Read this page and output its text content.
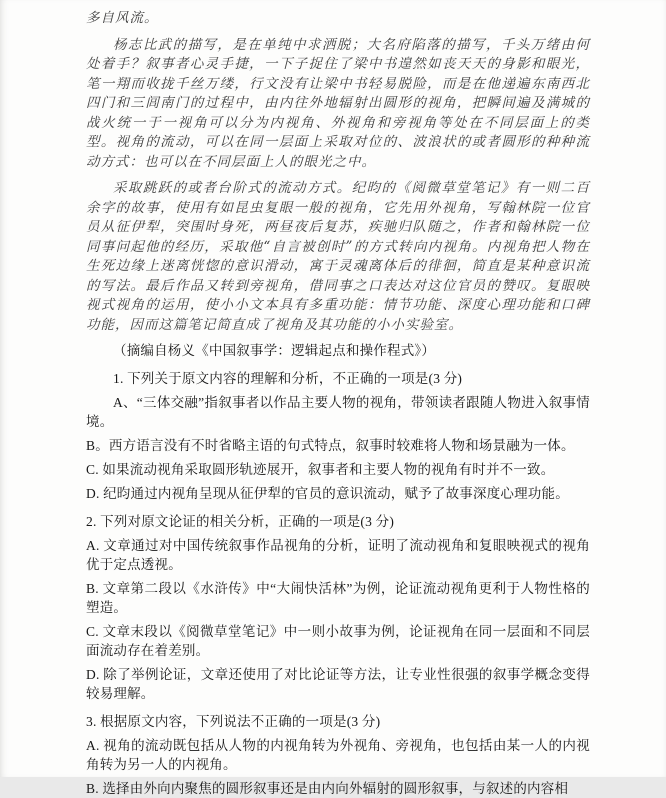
多自风流。

杨志比武的描写，是在单纯中求洒脱；大名府陷落的描写，千头万绪由何处着手？叙事者心灵手捷，一下子捉住了梁中书遑然如丧天天的身影和眼光，笔一翔而收拢千丝万缕，行文没有让梁中书轻易脱险，而是在他递遍东南西北四门和三闾南门的过程中，由内往外地辐射出圆形的视角，把瞬间遍及满城的战火统一于一视角可以分为内视角、外视角和旁视角等处在不同层面上的类型。视角的流动，可以在同一层面上采取对位的、波浪状的或者圆形的种种流动方式：也可以在不同层面上人的眼光之中。

采取跳跃的或者台阶式的流动方式。纪昀的《阅微草堂笔记》有一则二百余字的故事，使用有如昆虫复眼一般的视角，它先用外视角，写翰林院一位官员从征伊犁，突围时身死，两昼夜后复苏，疾驰归队随之，作者和翰林院一位同事问起他的经历，采取他“自言被创时”的方式转向内视角。内视角把人物在生死边缘上迷离恍惚的意识滑动，寓于灵魂离体后的徘徊，简直是某种意识流的写法。最后作品又转到旁视角，借同事之口表达对这位官员的赞叹。复眼映视式视角的运用，使小小文本具有多重功能：情节功能、深度心理功能和口碑功能，因而这篇笔记简直成了视角及其功能的小小实验室。

（摘编自杨义《中国叙事学：逻辑起点和操作程式》）

1. 下列关于原文内容的理解和分析，不正确的一项是(3 分)

A、“三体交融”指叙事者以作品主要人物的视角，带领读者跟随人物进入叙事情境。

B。西方语言没有不时省略主语的句式特点，叙事时较难将人物和场景融为一体。

C. 如果流动视角采取圆形轨迹展开，叙事者和主要人物的视角有时并不一致。

D. 纪昀通过内视角呈现从征伊犁的官员的意识流动，赋予了故事深度心理功能。

2. 下列对原文论证的相关分析，正确的一项是(3 分)

A. 文章通过对中国传统叙事作品视角的分析，证明了流动视角和复眼映视式的视角优于定点透视。

B. 文章第二段以《水浒传》中“大闹快活林”为例，论证流动视角更利于人物性格的塑造。

C. 文章末段以《阅微草堂笔记》中一则小故事为例，论证视角在同一层面和不同层面流动存在着差别。

D. 除了举例论证，文章还使用了对比论证等方法，让专业性很强的叙事学概念变得较易理解。

3. 根据原文内容，下列说法不正确的一项是(3 分)

A. 视角的流动既包括从人物的内视角转为外视角、旁视角，也包括由某一人的内视角转为另一人的内视角。

B. 选择由外向内聚焦的圆形叙事还是由内向外辐射的圆形叙事，与叙述的内容相
